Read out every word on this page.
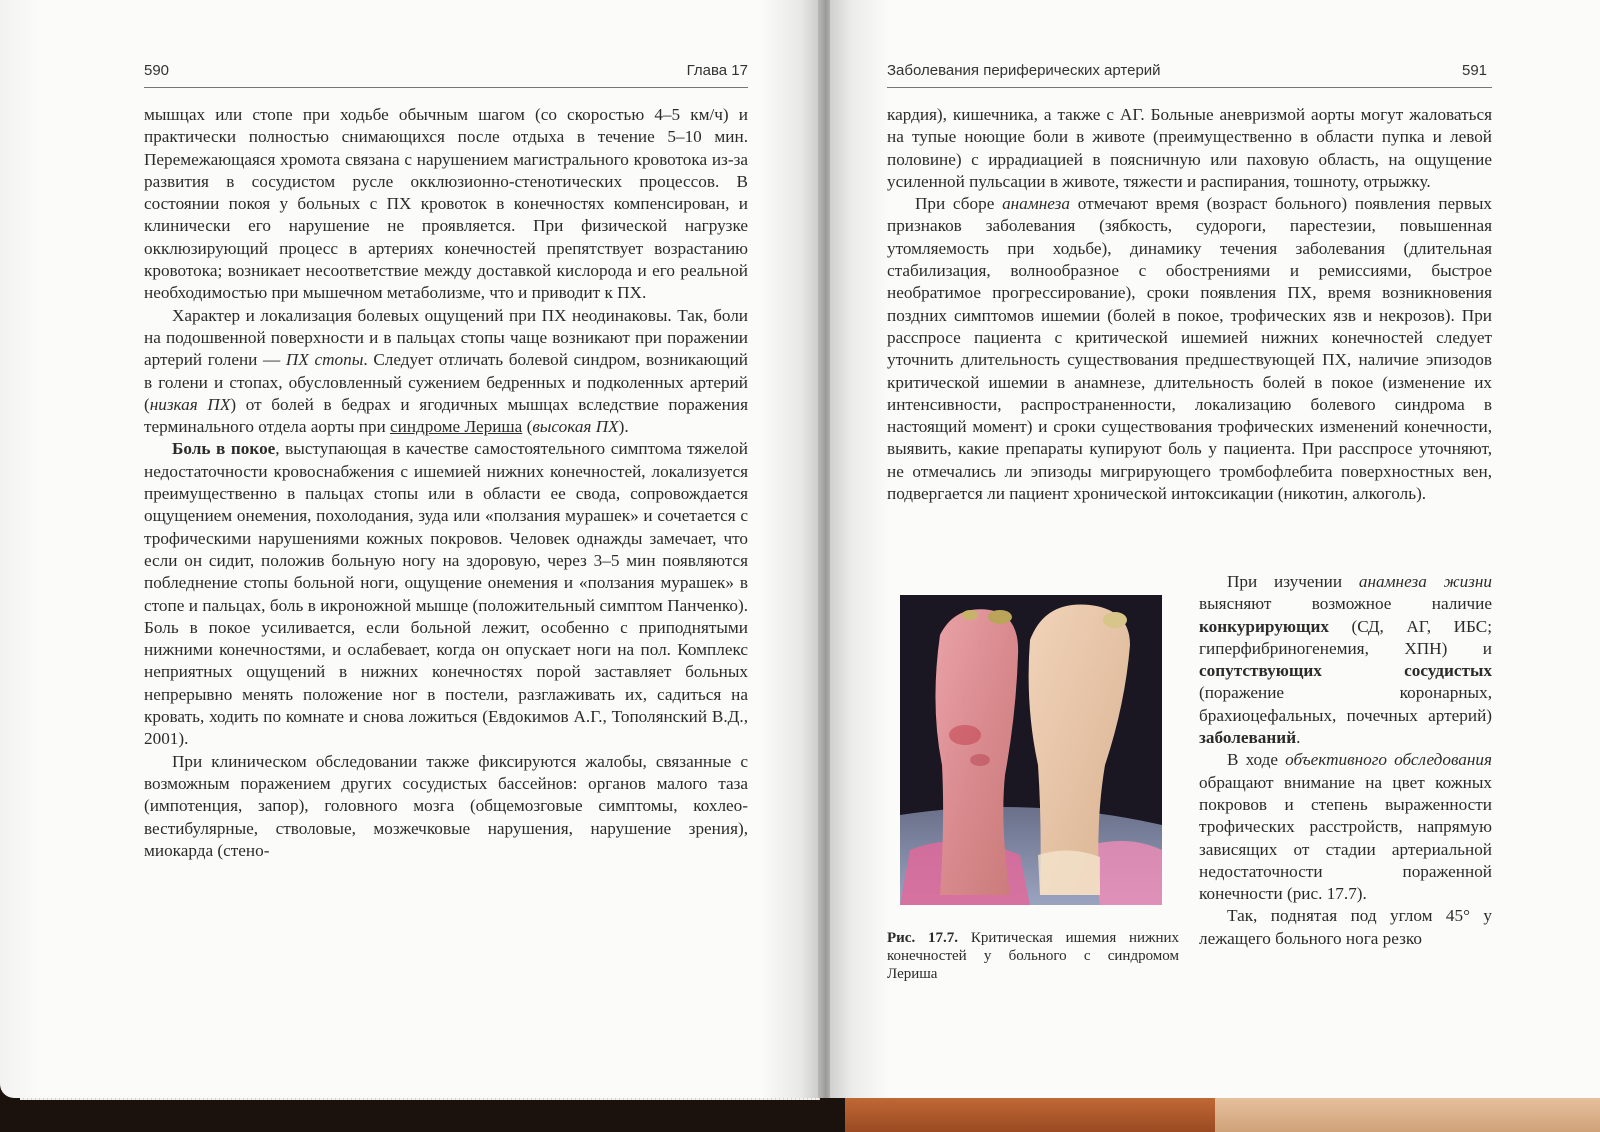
590	Глава 17

мышцах или стопе при ходьбе обычным шагом (со скоростью 4–5 км/ч) и практически полностью снимающихся после отдыха в течение 5–10 мин. Перемежающаяся хромота связана с нарушением магистрального кровотока из-за развития в сосудистом русле окклюзионно-стенотических процессов. В состоянии покоя у больных с ПХ кровоток в конечностях компенсирован, и клинически его нарушение не проявляется. При физической нагрузке окклюзирующий процесс в артериях конечностей препятствует возрастанию кровотока; возникает несоответствие между доставкой кислорода и его реальной необходимостью при мышечном метаболизме, что и приводит к ПХ.

Характер и локализация болевых ощущений при ПХ неодинаковы. Так, боли на подошвенной поверхности и в пальцах стопы чаще возникают при поражении артерий голени — ПХ стопы. Следует отличать болевой синдром, возникающий в голени и стопах, обусловленный сужением бедренных и подколенных артерий (низкая ПХ) от болей в бедрах и ягодичных мышцах вследствие поражения терминального отдела аорты при синдроме Лериша (высокая ПХ).

Боль в покое, выступающая в качестве самостоятельного симптома тяжелой недостаточности кровоснабжения с ишемией нижних конечностей, локализуется преимущественно в пальцах стопы или в области ее свода, сопровождается ощущением онемения, похолодания, зуда или «ползания мурашек» и сочетается с трофическими нарушениями кожных покровов. Человек однажды замечает, что если он сидит, положив больную ногу на здоровую, через 3–5 мин появляются побледнение стопы больной ноги, ощущение онемения и «ползания мурашек» в стопе и пальцах, боль в икроножной мышце (положительный симптом Панченко). Боль в покое усиливается, если больной лежит, особенно с приподнятыми нижними конечностями, и ослабевает, когда он опускает ноги на пол. Комплекс неприятных ощущений в нижних конечностях порой заставляет больных непрерывно менять положение ног в постели, разглаживать их, садиться на кровать, ходить по комнате и снова ложиться (Евдокимов А.Г., Тополянский В.Д., 2001).

При клиническом обследовании также фиксируются жалобы, связанные с возможным поражением других сосудистых бассейнов: органов малого таза (импотенция, запор), головного мозга (общемозговые симптомы, кохлео-вестибулярные, стволовые, мозжечковые нарушения, нарушение зрения), миокарда (стено-

Заболевания периферических артерий	591

кардия), кишечника, а также с АГ. Больные аневризмой аорты могут жаловаться на тупые ноющие боли в животе (преимущественно в области пупка и левой половине) с иррадиацией в поясничную или паховую область, на ощущение усиленной пульсации в животе, тяжести и распирания, тошноту, отрыжку.

При сборе анамнеза отмечают время (возраст больного) появления первых признаков заболевания (зябкость, судороги, парестезии, повышенная утомляемость при ходьбе), динамику течения заболевания (длительная стабилизация, волнообразное с обострениями и ремиссиями, быстрое необратимое прогрессирование), сроки появления ПХ, время возникновения поздних симптомов ишемии (болей в покое, трофических язв и некрозов). При расспросе пациента с критической ишемией нижних конечностей следует уточнить длительность существования предшествующей ПХ, наличие эпизодов критической ишемии в анамнезе, длительность болей в покое (изменение их интенсивности, распространенности, локализацию болевого синдрома в настоящий момент) и сроки существования трофических изменений конечности, выявить, какие препараты купируют боль у пациента. При расспросе уточняют, не отмечались ли эпизоды мигрирующего тромбофлебита поверхностных вен, подвергается ли пациент хронической интоксикации (никотин, алкоголь).

При изучении анамнеза жизни выясняют возможное наличие конкурирующих (СД, АГ, ИБС; гиперфибриногенемия, ХПН) и сопутствующих сосудистых (поражение коронарных, брахиоцефальных, почечных артерий) заболеваний.

В ходе объективного обследования обращают внимание на цвет кожных покровов и степень выраженности трофических расстройств, напрямую зависящих от стадии артериальной недостаточности пораженной конечности (рис. 17.7).

Так, поднятая под углом 45° у лежащего больного нога резко

Рис. 17.7. Критическая ишемия нижних конечностей у больного с синдромом Лериша
